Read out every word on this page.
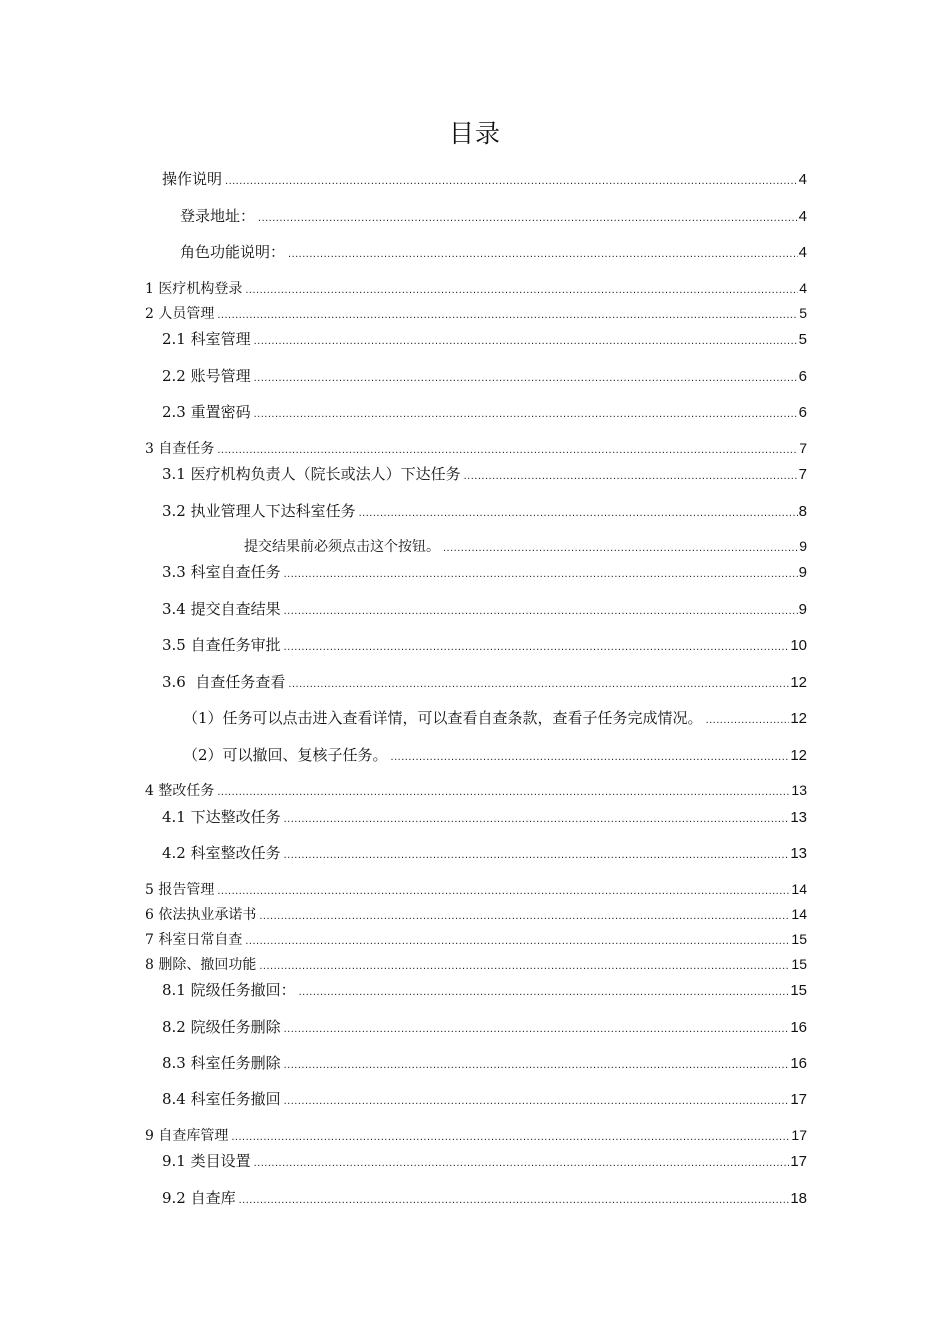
目录
操作说明 .....	4
登录地址： .....	4
角色功能说明： .....	4
1 医疗机构登录 .....	4
2 人员管理 .....	5
2.1 科室管理 .....	5
2.2 账号管理 .....	6
2.3 重置密码 .....	6
3 自查任务 .....	7
3.1 医疗机构负责人（院长或法人）下达任务 .....	7
3.2 执业管理人下达科室任务 .....	8
提交结果前必须点击这个按钮。 .....	9
3.3 科室自查任务 .....	9
3.4 提交自查结果 .....	9
3.5 自查任务审批 .....	10
3.6  自查任务查看 .....	12
（1）任务可以点击进入查看详情，可以查看自查条款，查看子任务完成情况。 .....	12
（2）可以撤回、复核子任务。 .....	12
4 整改任务 .....	13
4.1 下达整改任务 .....	13
4.2 科室整改任务 .....	13
5 报告管理 .....	14
6 依法执业承诺书 .....	14
7 科室日常自查 .....	15
8 删除、撤回功能 .....	15
8.1 院级任务撤回： .....	15
8.2 院级任务删除 .....	16
8.3 科室任务删除 .....	16
8.4 科室任务撤回 .....	17
9 自查库管理 .....	17
9.1 类目设置 .....	17
9.2 自查库 .....	18
